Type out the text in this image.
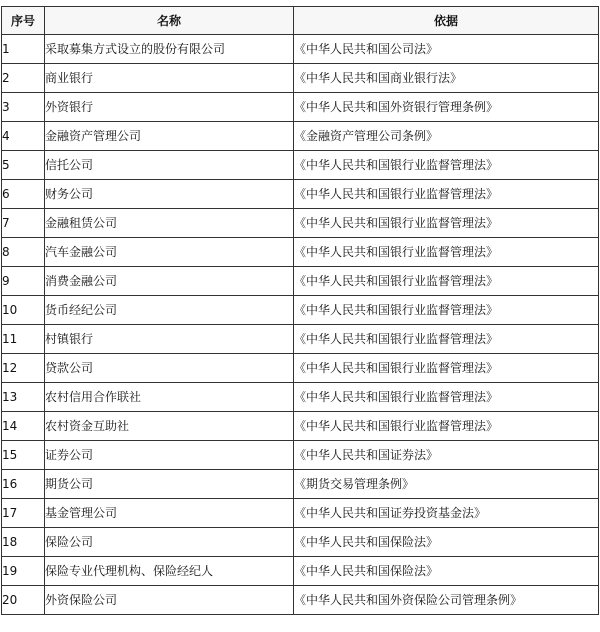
序号	名称	依据
1	采取募集方式设立的股份有限公司	《中华人民共和国公司法》
2	商业银行	《中华人民共和国商业银行法》
3	外资银行	《中华人民共和国外资银行管理条例》
4	金融资产管理公司	《金融资产管理公司条例》
5	信托公司	《中华人民共和国银行业监督管理法》
6	财务公司	《中华人民共和国银行业监督管理法》
7	金融租赁公司	《中华人民共和国银行业监督管理法》
8	汽车金融公司	《中华人民共和国银行业监督管理法》
9	消费金融公司	《中华人民共和国银行业监督管理法》
10	货币经纪公司	《中华人民共和国银行业监督管理法》
11	村镇银行	《中华人民共和国银行业监督管理法》
12	贷款公司	《中华人民共和国银行业监督管理法》
13	农村信用合作联社	《中华人民共和国银行业监督管理法》
14	农村资金互助社	《中华人民共和国银行业监督管理法》
15	证券公司	《中华人民共和国证券法》
16	期货公司	《期货交易管理条例》
17	基金管理公司	《中华人民共和国证券投资基金法》
18	保险公司	《中华人民共和国保险法》
19	保险专业代理机构、保险经纪人	《中华人民共和国保险法》
20	外资保险公司	《中华人民共和国外资保险公司管理条例》
